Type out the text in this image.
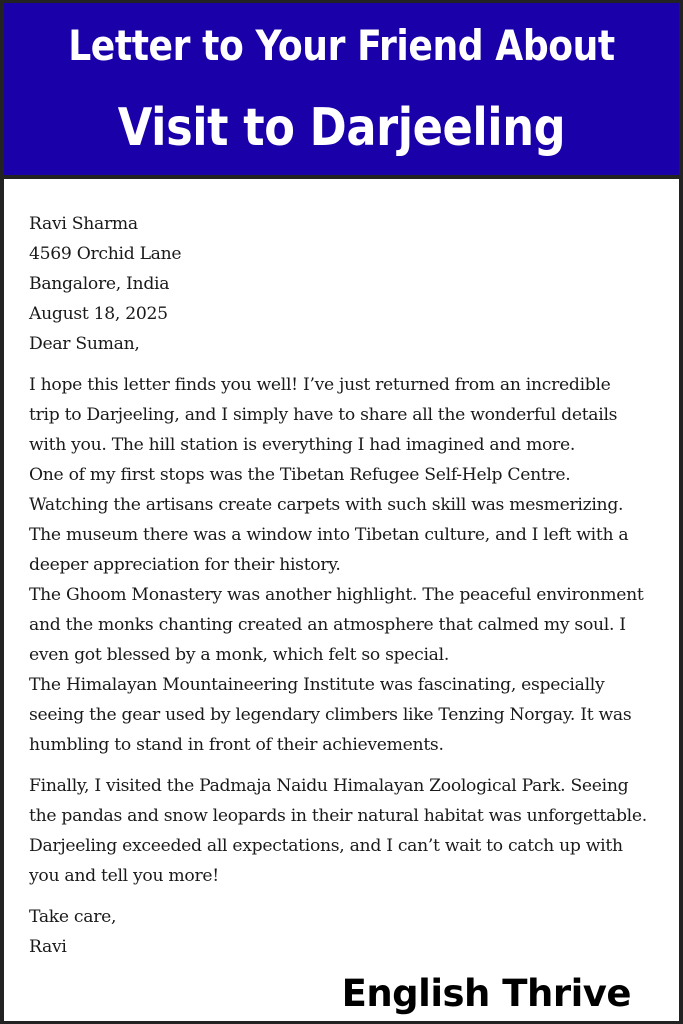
Letter to Your Friend About
Visit to Darjeeling
Ravi Sharma
4569 Orchid Lane
Bangalore, India
August 18, 2025
Dear Suman,
I hope this letter finds you well! I’ve just returned from an incredible
trip to Darjeeling, and I simply have to share all the wonderful details
with you. The hill station is everything I had imagined and more.
One of my first stops was the Tibetan Refugee Self-Help Centre.
Watching the artisans create carpets with such skill was mesmerizing.
The museum there was a window into Tibetan culture, and I left with a
deeper appreciation for their history.
The Ghoom Monastery was another highlight. The peaceful environment
and the monks chanting created an atmosphere that calmed my soul. I
even got blessed by a monk, which felt so special.
The Himalayan Mountaineering Institute was fascinating, especially
seeing the gear used by legendary climbers like Tenzing Norgay. It was
humbling to stand in front of their achievements.
Finally, I visited the Padmaja Naidu Himalayan Zoological Park. Seeing
the pandas and snow leopards in their natural habitat was unforgettable.
Darjeeling exceeded all expectations, and I can’t wait to catch up with
you and tell you more!
Take care,
Ravi
English Thrive
